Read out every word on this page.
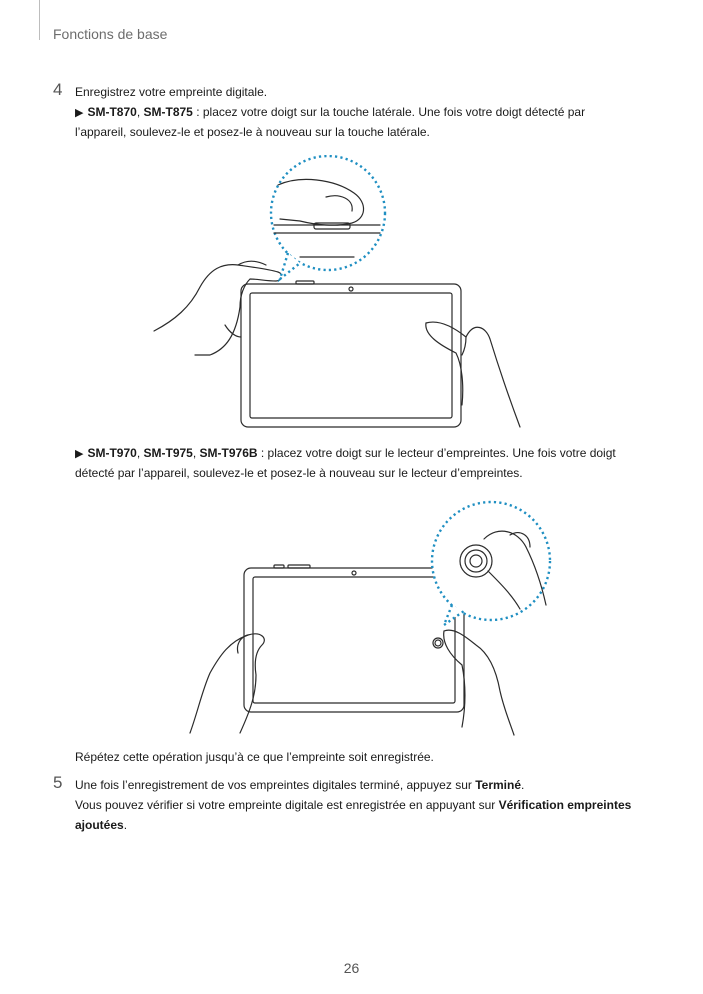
Fonctions de base
4 Enregistrez votre empreinte digitale.
▶ SM-T870, SM-T875 : placez votre doigt sur la touche latérale. Une fois votre doigt détecté par
l’appareil, soulevez-le et posez-le à nouveau sur la touche latérale.
▶ SM-T970, SM-T975, SM-T976B : placez votre doigt sur le lecteur d’empreintes. Une fois votre doigt
détecté par l’appareil, soulevez-le et posez-le à nouveau sur le lecteur d’empreintes.
Répétez cette opération jusqu’à ce que l’empreinte soit enregistrée.
5 Une fois l’enregistrement de vos empreintes digitales terminé, appuyez sur Terminé.
Vous pouvez vérifier si votre empreinte digitale est enregistrée en appuyant sur Vérification empreintes
ajoutées.
26
